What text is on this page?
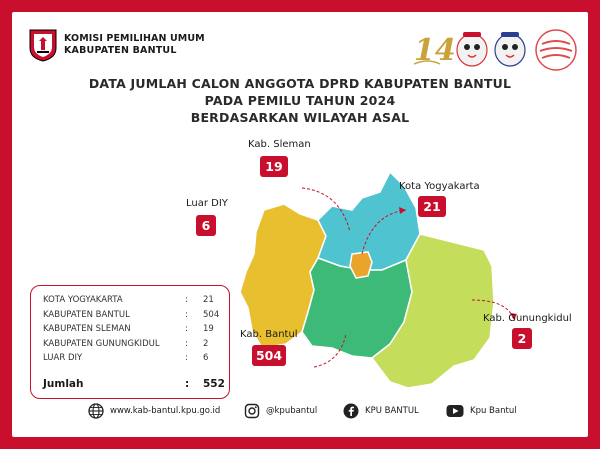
KOMISI PEMILIHAN UMUM
KABUPATEN BANTUL	14
DATA JUMLAH CALON ANGGOTA DPRD KABUPATEN BANTUL
PADA PEMILU TAHUN 2024
BERDASARKAN WILAYAH ASAL
Kab. Sleman
19
Kota Yogyakarta
21
Luar DIY
6
Kab. Bantul
504
Kab. Gunungkidul
2
KOTA YOGYAKARTA	: 21
KABUPATEN BANTUL	: 504
KABUPATEN SLEMAN	: 19
KABUPATEN GUNUNGKIDUL	: 2
LUAR DIY	: 6
Jumlah	: 552
www.kab-bantul.kpu.go.id	@kpubantul	KPU BANTUL	Kpu Bantul
